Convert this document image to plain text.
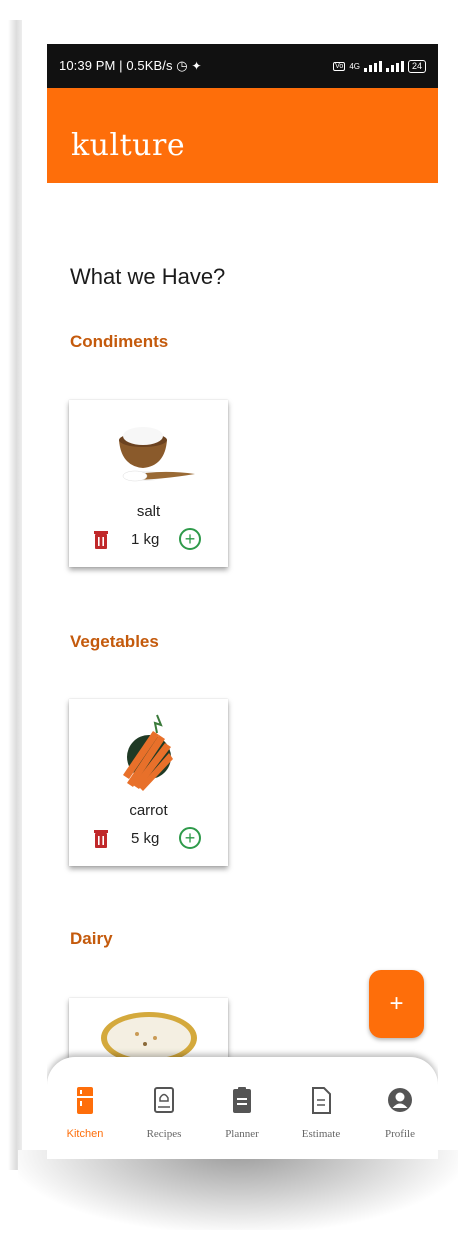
10:39 PM | 0.5KB/s ◷ ✦	Vo 4G	24
kulture
What we Have?
Condiments
salt
1 kg	+
Vegetables
carrot
5 kg	+
Dairy
+
Kitchen	Recipes	Planner	Estimate	Profile
